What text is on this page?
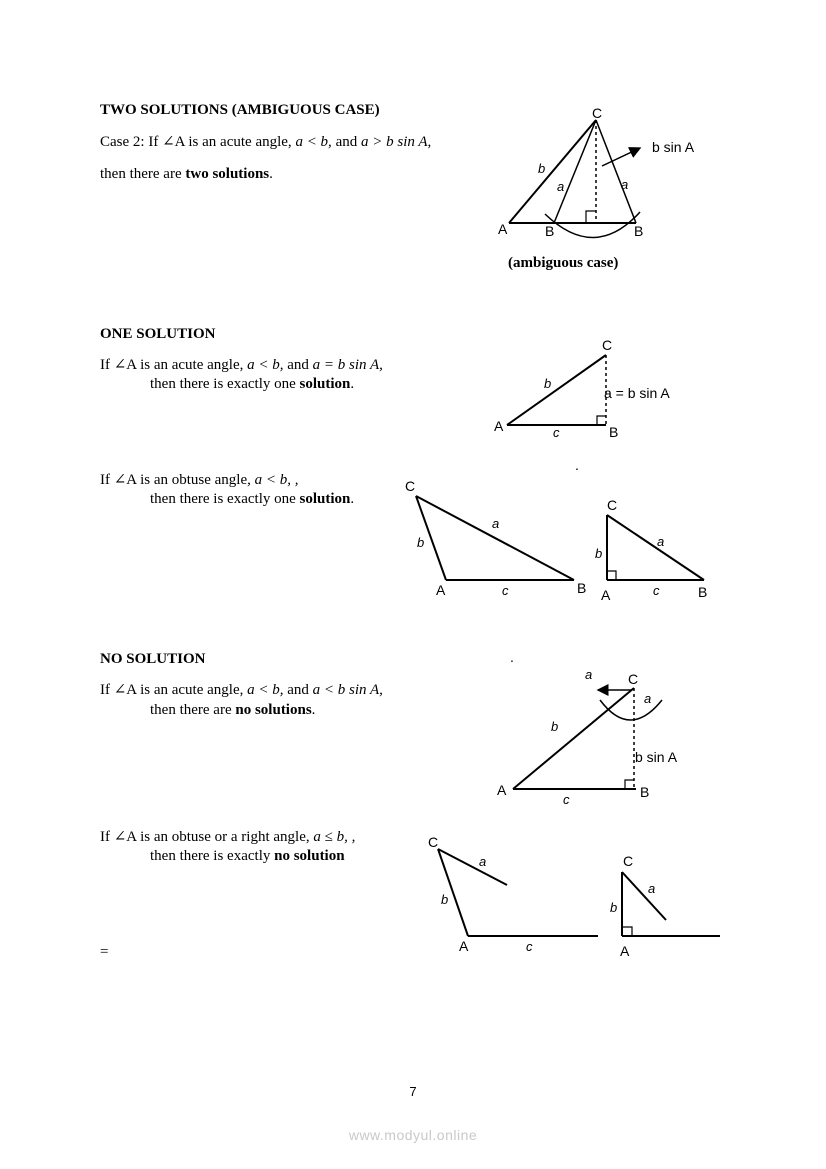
TWO SOLUTIONS (AMBIGUOUS CASE)
Case 2: If ∠A is an acute angle, a < b, and a > b sin A,
then there are two solutions.
ONE SOLUTION
If ∠A is an acute angle, a < b, and a = b sin A,
then there is exactly one solution.
If ∠A is an obtuse angle, a < b, ,
then there is exactly one solution.
NO SOLUTION
If ∠A is an acute angle, a < b, and a < b sin A,
then there are no solutions.
If ∠A is an obtuse or a right angle, a ≤ b, ,
then there is exactly no solution
=
C
A	B	B
b
a	a
b sin A
(ambiguous case)
C
A	B
b
c
a = b sin A
.
C
A	B
b
a
c
C
A	B
b
a
c
C
A	B
b
c
a
a
b sin A
.
C
A
b
a
c
C
A
b
a
7
www.modyul.online
